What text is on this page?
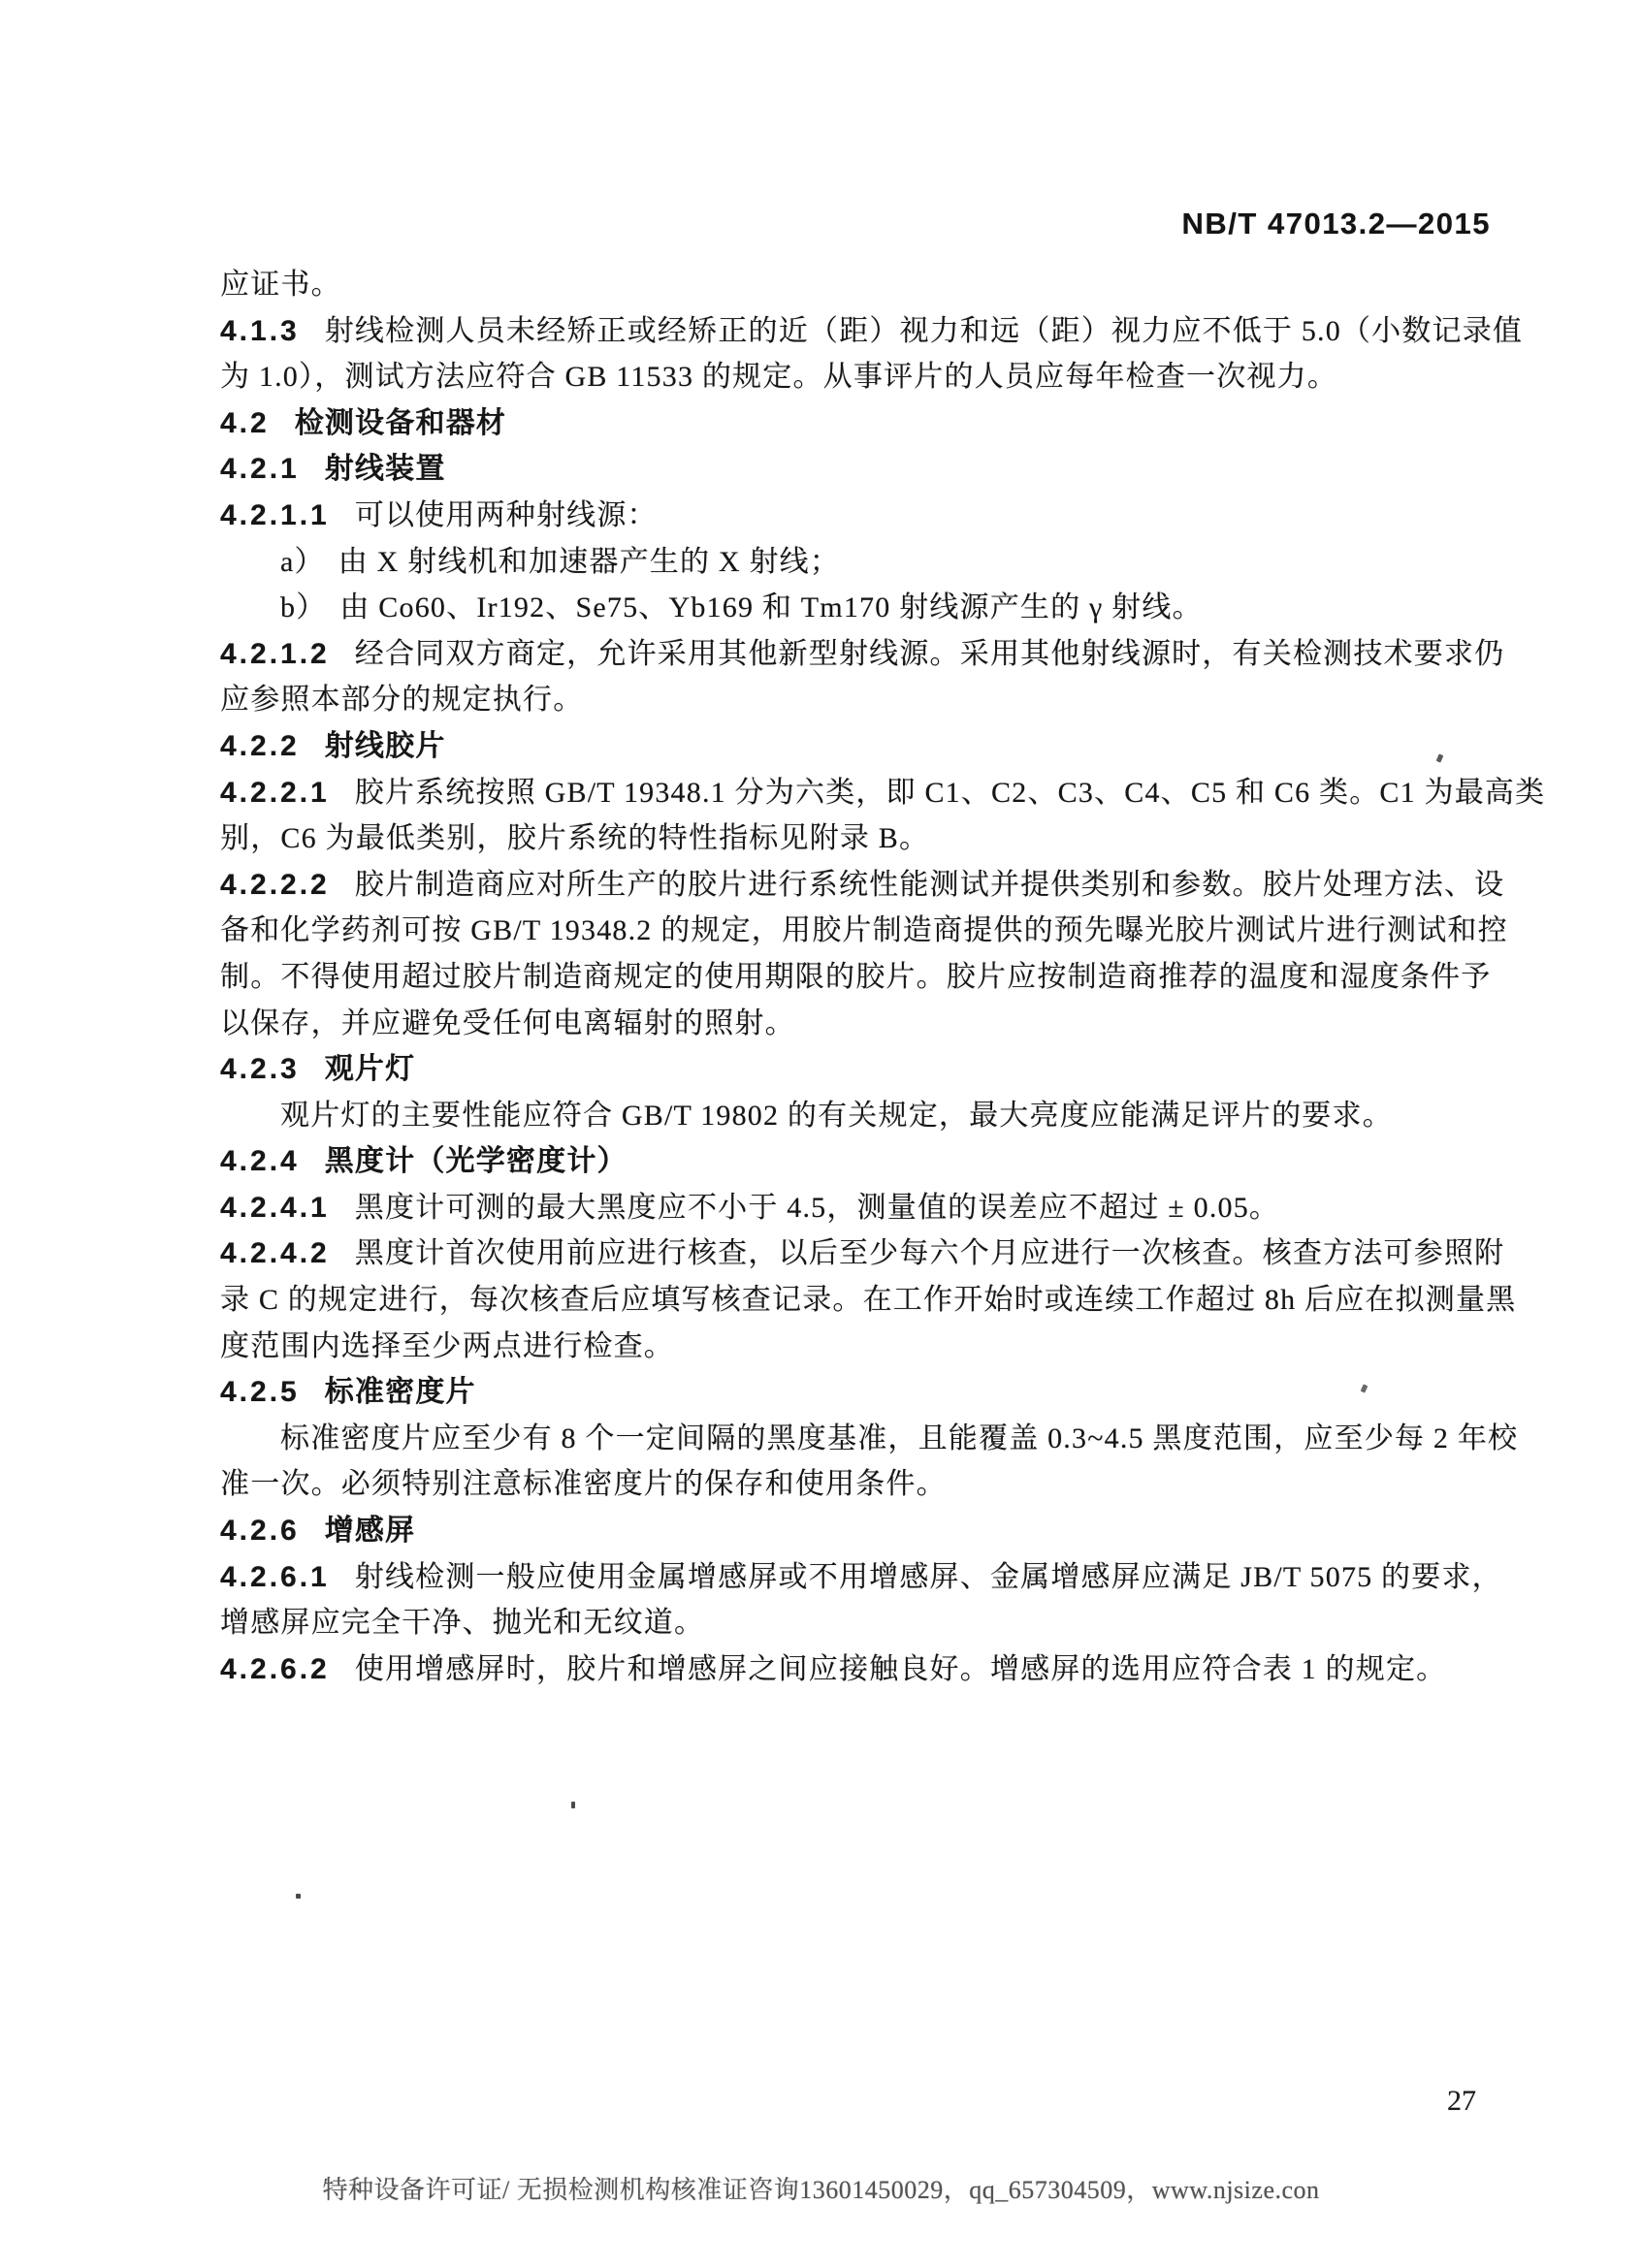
NB/T 47013.2—2015
应证书。
4.1.3 射线检测人员未经矫正或经矫正的近（距）视力和远（距）视力应不低于 5.0（小数记录值
为 1.0），测试方法应符合 GB 11533 的规定。从事评片的人员应每年检查一次视力。
4.2 检测设备和器材
4.2.1 射线装置
4.2.1.1 可以使用两种射线源：
a） 由 X 射线机和加速器产生的 X 射线；
b） 由 Co60、Ir192、Se75、Yb169 和 Tm170 射线源产生的 γ 射线。
4.2.1.2 经合同双方商定，允许采用其他新型射线源。采用其他射线源时，有关检测技术要求仍
应参照本部分的规定执行。
4.2.2 射线胶片
4.2.2.1 胶片系统按照 GB/T 19348.1 分为六类，即 C1、C2、C3、C4、C5 和 C6 类。C1 为最高类
别，C6 为最低类别，胶片系统的特性指标见附录 B。
4.2.2.2 胶片制造商应对所生产的胶片进行系统性能测试并提供类别和参数。胶片处理方法、设
备和化学药剂可按 GB/T 19348.2 的规定，用胶片制造商提供的预先曝光胶片测试片进行测试和控
制。不得使用超过胶片制造商规定的使用期限的胶片。胶片应按制造商推荐的温度和湿度条件予
以保存，并应避免受任何电离辐射的照射。
4.2.3 观片灯
观片灯的主要性能应符合 GB/T 19802 的有关规定，最大亮度应能满足评片的要求。
4.2.4 黑度计（光学密度计）
4.2.4.1 黑度计可测的最大黑度应不小于 4.5，测量值的误差应不超过 ± 0.05。
4.2.4.2 黑度计首次使用前应进行核查，以后至少每六个月应进行一次核查。核查方法可参照附
录 C 的规定进行，每次核查后应填写核查记录。在工作开始时或连续工作超过 8h 后应在拟测量黑
度范围内选择至少两点进行检查。
4.2.5 标准密度片
标准密度片应至少有 8 个一定间隔的黑度基准，且能覆盖 0.3~4.5 黑度范围，应至少每 2 年校
准一次。必须特别注意标准密度片的保存和使用条件。
4.2.6 增感屏
4.2.6.1 射线检测一般应使用金属增感屏或不用增感屏、金属增感屏应满足 JB/T 5075 的要求，
增感屏应完全干净、抛光和无纹道。
4.2.6.2 使用增感屏时，胶片和增感屏之间应接触良好。增感屏的选用应符合表 1 的规定。
27
特种设备许可证/ 无损检测机构核准证咨询13601450029，qq_657304509，www.njsize.con
